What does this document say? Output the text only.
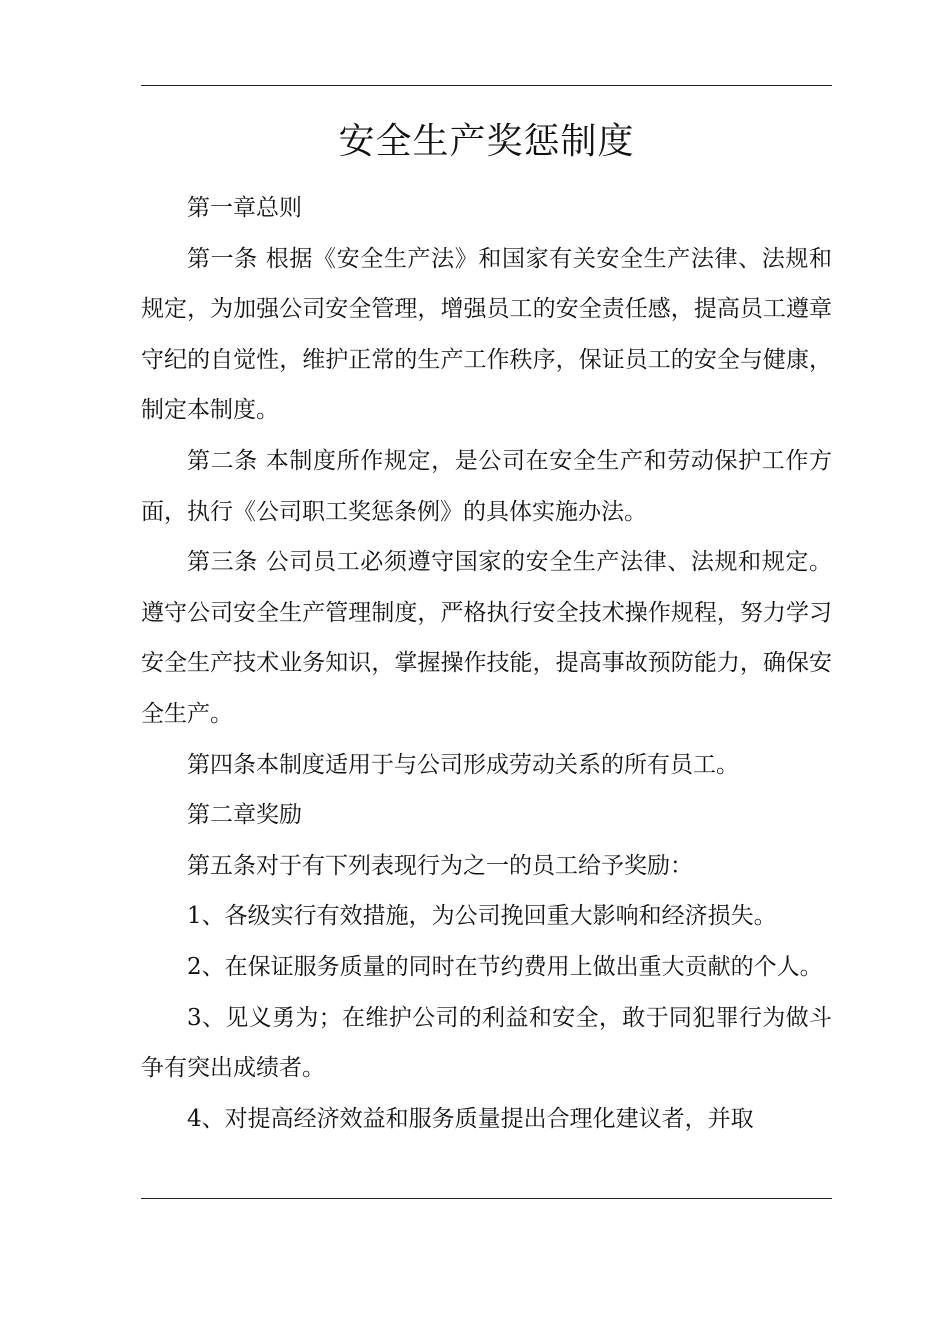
安全生产奖惩制度

第一章总则

第一条 根据《安全生产法》和国家有关安全生产法律、法规和规定，为加强公司安全管理，增强员工的安全责任感，提高员工遵章守纪的自觉性，维护正常的生产工作秩序，保证员工的安全与健康，制定本制度。

第二条 本制度所作规定，是公司在安全生产和劳动保护工作方面，执行《公司职工奖惩条例》的具体实施办法。

第三条 公司员工必须遵守国家的安全生产法律、法规和规定。遵守公司安全生产管理制度，严格执行安全技术操作规程，努力学习安全生产技术业务知识，掌握操作技能，提高事故预防能力，确保安全生产。

第四条本制度适用于与公司形成劳动关系的所有员工。

第二章奖励

第五条对于有下列表现行为之一的员工给予奖励：

1、各级实行有效措施，为公司挽回重大影响和经济损失。

2、在保证服务质量的同时在节约费用上做出重大贡献的个人。

3、见义勇为；在维护公司的利益和安全，敢于同犯罪行为做斗争有突出成绩者。

4、对提高经济效益和服务质量提出合理化建议者，并取
